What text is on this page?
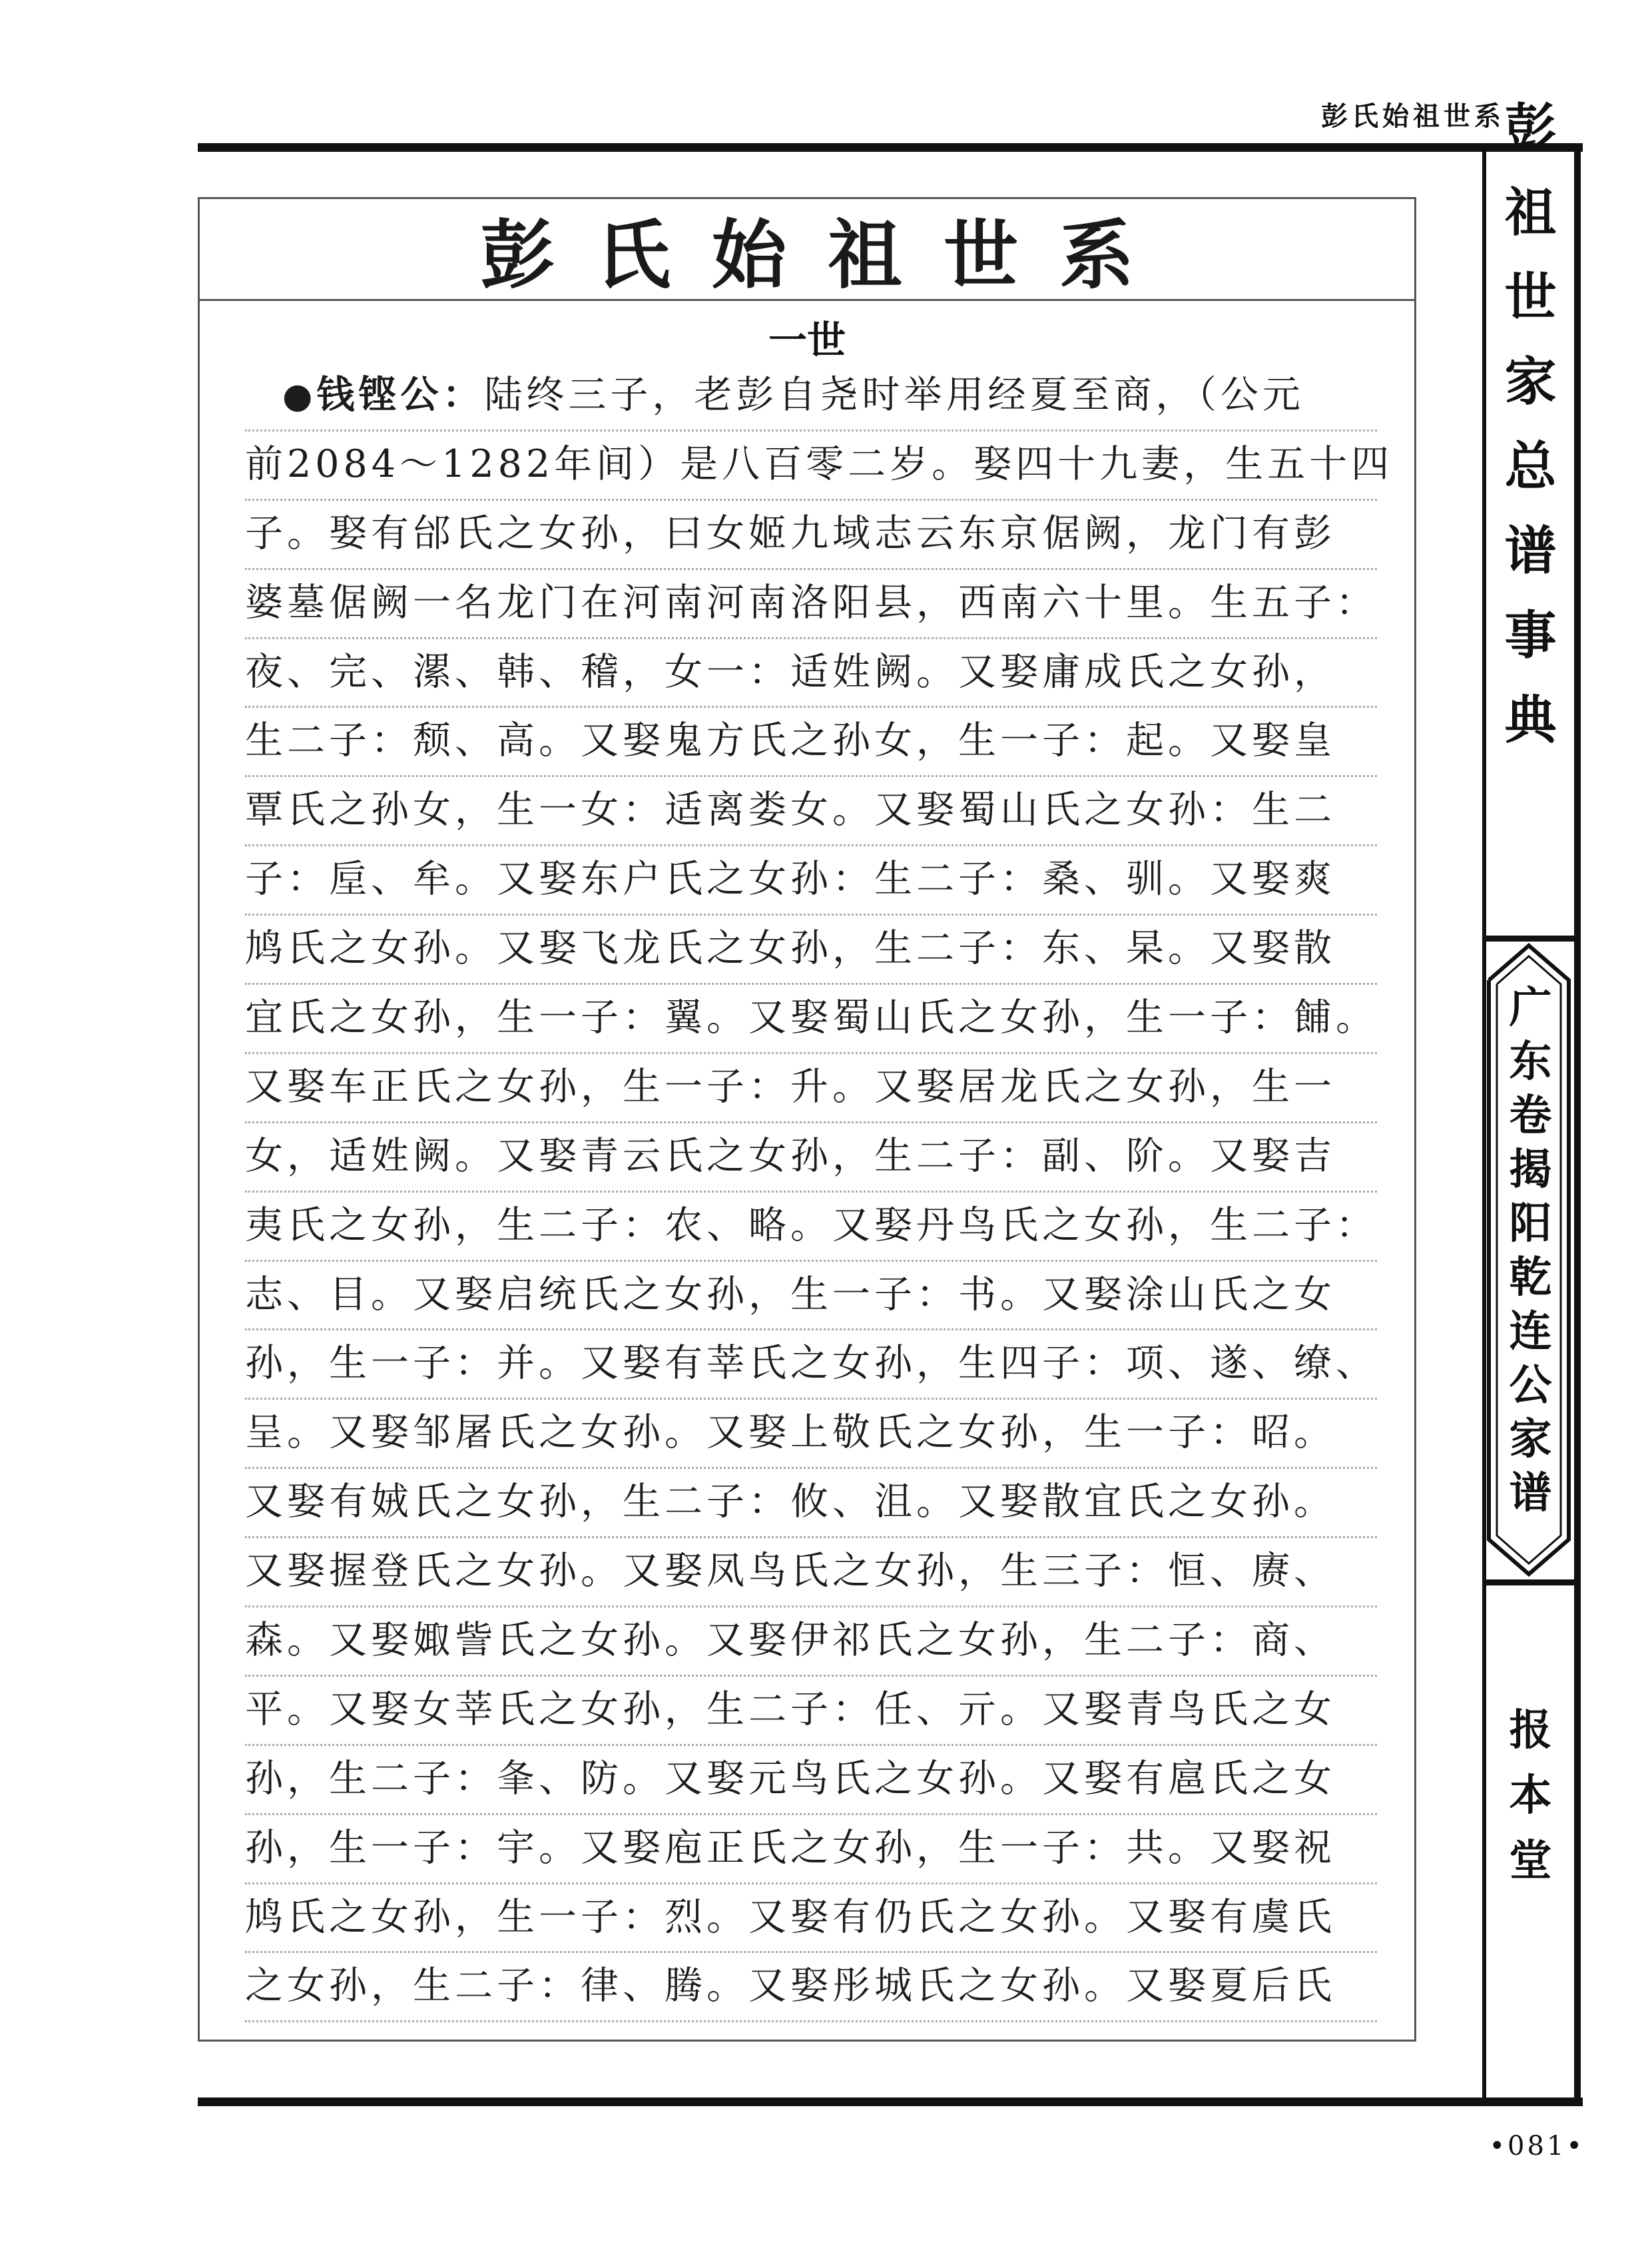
彭氏始祖世系 彭
祖
世
家
总
谱
事
典
广
东
卷
揭
阳
乾
连
公
家
谱
报
本
堂
彭氏始祖世系
一世
●钱铿公：陆终三子，老彭自尧时举用经夏至商，（公元
前2084～1282年间）是八百零二岁。娶四十九妻，生五十四
子。娶有邰氏之女孙，曰女姬九域志云东京倨阙，龙门有彭
婆墓倨阙一名龙门在河南河南洛阳县，西南六十里。生五子：
夜、完、漯、韩、稽，女一：适姓阙。又娶庸成氏之女孙，
生二子：颓、高。又娶鬼方氏之孙女，生一子：起。又娶皇
覃氏之孙女，生一女：适离娄女。又娶蜀山氏之女孙：生二
子：垕、牟。又娶东户氏之女孙：生二子：桑、驯。又娶爽
鸠氏之女孙。又娶飞龙氏之女孙，生二子：东、杲。又娶散
宜氏之女孙，生一子：翼。又娶蜀山氏之女孙，生一子：餔。
又娶车正氏之女孙，生一子：升。又娶居龙氏之女孙，生一
女，适姓阙。又娶青云氏之女孙，生二子：副、阶。又娶吉
夷氏之女孙，生二子：农、略。又娶丹鸟氏之女孙，生二子：
志、目。又娶启统氏之女孙，生一子：书。又娶涂山氏之女
孙，生一子：并。又娶有莘氏之女孙，生四子：项、遂、缭、
呈。又娶邹屠氏之女孙。又娶上敬氏之女孙，生一子：昭。
又娶有娀氏之女孙，生二子：攸、沮。又娶散宜氏之女孙。
又娶握登氏之女孙。又娶凤鸟氏之女孙，生三子：恒、赓、
森。又娶娵訾氏之女孙。又娶伊祁氏之女孙，生二子：商、
平。又娶女莘氏之女孙，生二子：任、亓。又娶青鸟氏之女
孙，生二子：夆、防。又娶元鸟氏之女孙。又娶有扈氏之女
孙，生一子：宇。又娶庖正氏之女孙，生一子：共。又娶祝
鸠氏之女孙，生一子：烈。又娶有仍氏之女孙。又娶有虞氏
之女孙，生二子：律、腾。又娶彤城氏之女孙。又娶夏后氏
•081•
